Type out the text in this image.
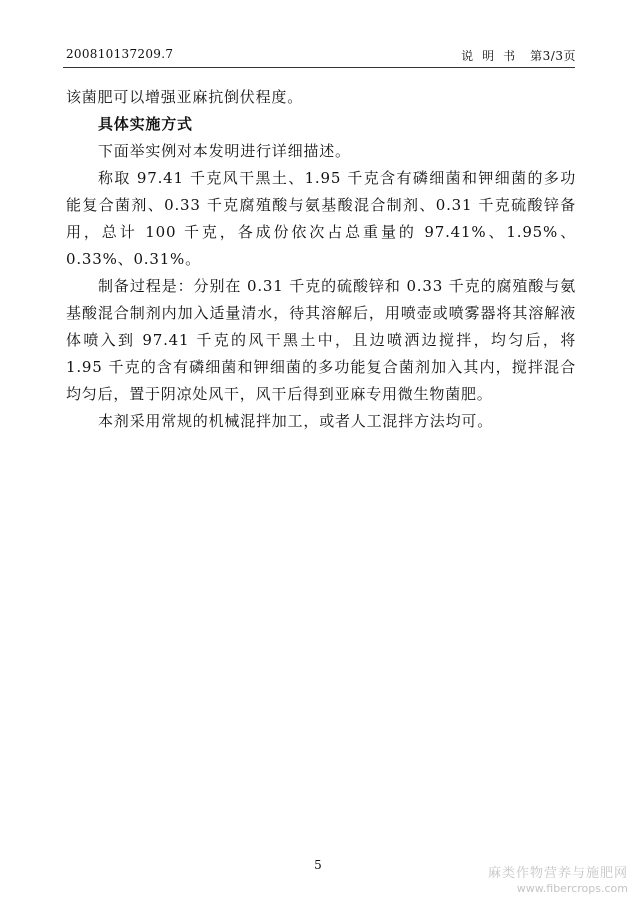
200810137209.7	说明书 第3/3页

该菌肥可以增强亚麻抗倒伏程度。

具体实施方式

下面举实例对本发明进行详细描述。

称取 97.41 千克风干黑土、1.95 千克含有磷细菌和钾细菌的多功能复合菌剂、0.33 千克腐殖酸与氨基酸混合制剂、0.31 千克硫酸锌备用，总计 100 千克，各成份依次占总重量的 97.41%、1.95%、0.33%、0.31%。

制备过程是：分别在 0.31 千克的硫酸锌和 0.33 千克的腐殖酸与氨基酸混合制剂内加入适量清水，待其溶解后，用喷壶或喷雾器将其溶解液体喷入到 97.41 千克的风干黑土中，且边喷洒边搅拌，均匀后，将 1.95 千克的含有磷细菌和钾细菌的多功能复合菌剂加入其内，搅拌混合均匀后，置于阴凉处风干，风干后得到亚麻专用微生物菌肥。

本剂采用常规的机械混拌加工，或者人工混拌方法均可。

5
麻类作物营养与施肥网
www.fibercrops.com
